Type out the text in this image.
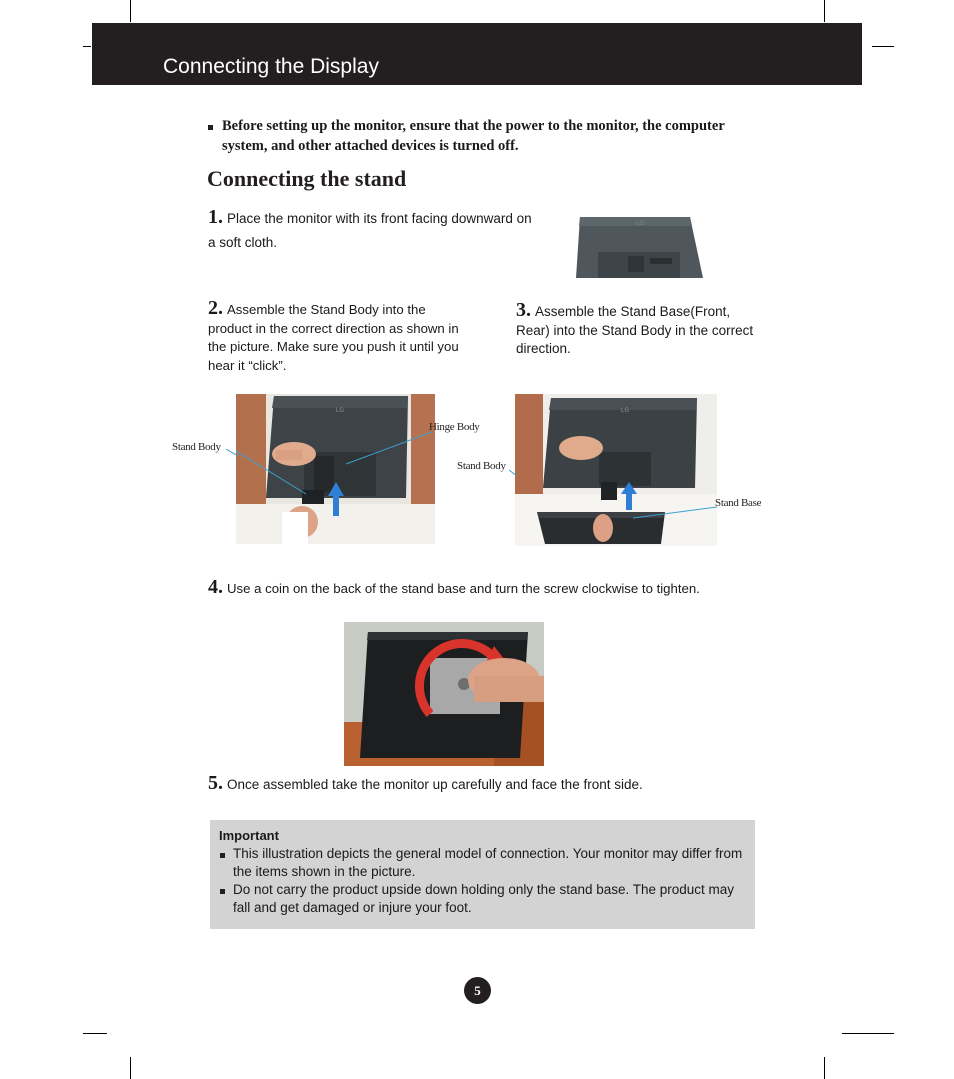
Connecting the Display
Before setting up the monitor, ensure that the power to the monitor, the computer system, and other attached devices is turned off.
Connecting the stand
1. Place the monitor with its front facing downward on a soft cloth.
LG
2. Assemble the Stand Body into the product in the correct direction as shown in the picture. Make sure you push it until you hear it “click”.
3. Assemble the Stand Base(Front, Rear) into the Stand Body in the correct direction.
LG
Stand Body
Hinge Body
LG
Stand Body
Stand Base
4. Use a coin on the back of the stand base and turn the screw clockwise to tighten.
5. Once assembled take the monitor up carefully and face the front side.
Important
This illustration depicts the general model of connection. Your monitor may differ from the items shown in the picture.
Do not carry the product upside down holding only the stand base. The product may fall and get damaged or injure your foot.
5
